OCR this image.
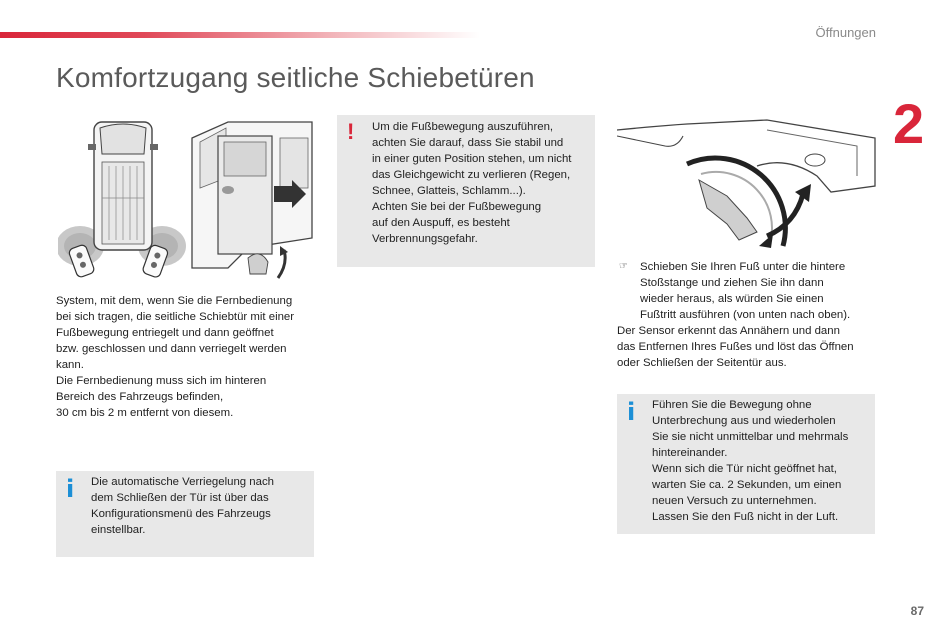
Öffnungen
2
Komfortzugang seitliche Schiebetüren

System, mit dem, wenn Sie die Fernbedienung

bei sich tragen, die seitliche Schiebtür mit einer

Fußbewegung entriegelt und dann geöffnet

bzw. geschlossen und dann verriegelt werden

kann.

Die Fernbedienung muss sich im hinteren

Bereich des Fahrzeugs befinden,

30 cm bis 2 m entfernt von diesem.

! Um die Fußbewegung auszuführen,

achten Sie darauf, dass Sie stabil und

in einer guten Position stehen, um nicht

das Gleichgewicht zu verlieren (Regen,

Schnee, Glatteis, Schlamm...).

Achten Sie bei der Fußbewegung

auf den Auspuff, es besteht

Verbrennungsgefahr.

i Die automatische Verriegelung nach

dem Schließen der Tür ist über das

Konfigurationsmenü des Fahrzeugs

einstellbar.

☞ Schieben Sie Ihren Fuß unter die hintere

Stoßstange und ziehen Sie ihn dann

wieder heraus, als würden Sie einen

Fußtritt ausführen (von unten nach oben).

Der Sensor erkennt das Annähern und dann

das Entfernen Ihres Fußes und löst das Öffnen

oder Schließen der Seitentür aus.

i Führen Sie die Bewegung ohne

Unterbrechung aus und wiederholen

Sie sie nicht unmittelbar und mehrmals

hintereinander.

Wenn sich die Tür nicht geöffnet hat,

warten Sie ca. 2 Sekunden, um einen

neuen Versuch zu unternehmen.

Lassen Sie den Fuß nicht in der Luft.

87
